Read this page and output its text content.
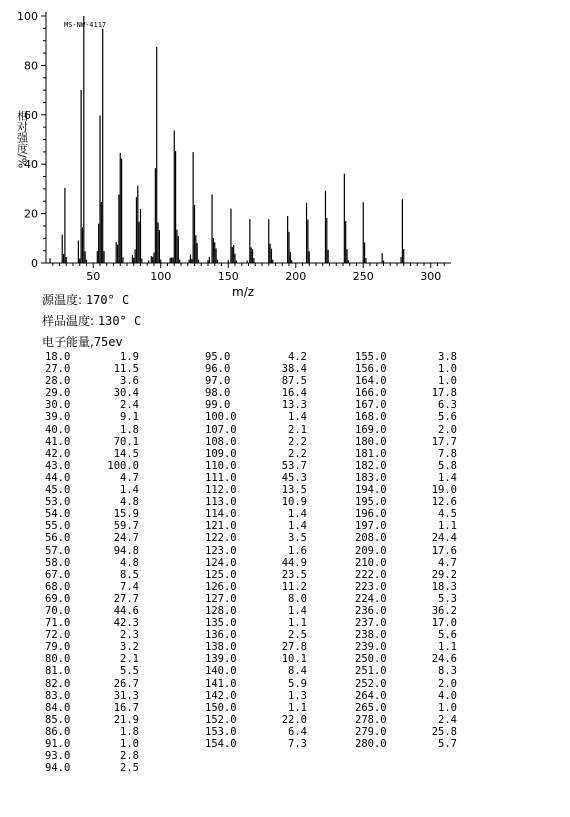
50	100	150	200	250	300
0
20
40
60
80
100
MS-NW-4117
m/z
相对强度/%
源温度: 170° C
样品温度: 130° C
电子能量,75ev
18.0	1.9
27.0	11.5
28.0	3.6
29.0	30.4
30.0	2.4
39.0	9.1
40.0	1.8
41.0	70.1
42.0	14.5
43.0	100.0
44.0	4.7
45.0	1.4
53.0	4.8
54.0	15.9
55.0	59.7
56.0	24.7
57.0	94.8
58.0	4.8
67.0	8.5
68.0	7.4
69.0	27.7
70.0	44.6
71.0	42.3
72.0	2.3
79.0	3.2
80.0	2.1
81.0	5.5
82.0	26.7
83.0	31.3
84.0	16.7
85.0	21.9
86.0	1.8
91.0	1.0
93.0	2.8
94.0	2.5
95.0	4.2
96.0	38.4
97.0	87.5
98.0	16.4
99.0	13.3
100.0	1.4
107.0	2.1
108.0	2.2
109.0	2.2
110.0	53.7
111.0	45.3
112.0	13.5
113.0	10.9
114.0	1.4
121.0	1.4
122.0	3.5
123.0	1.6
124.0	44.9
125.0	23.5
126.0	11.2
127.0	8.0
128.0	1.4
135.0	1.1
136.0	2.5
138.0	27.8
139.0	10.1
140.0	8.4
141.0	5.9
142.0	1.3
150.0	1.1
152.0	22.0
153.0	6.4
154.0	7.3
155.0	3.8
156.0	1.0
164.0	1.0
166.0	17.8
167.0	6.3
168.0	5.6
169.0	2.0
180.0	17.7
181.0	7.8
182.0	5.8
183.0	1.4
194.0	19.0
195.0	12.6
196.0	4.5
197.0	1.1
208.0	24.4
209.0	17.6
210.0	4.7
222.0	29.2
223.0	18.3
224.0	5.3
236.0	36.2
237.0	17.0
238.0	5.6
239.0	1.1
250.0	24.6
251.0	8.3
252.0	2.0
264.0	4.0
265.0	1.0
278.0	2.4
279.0	25.8
280.0	5.7
